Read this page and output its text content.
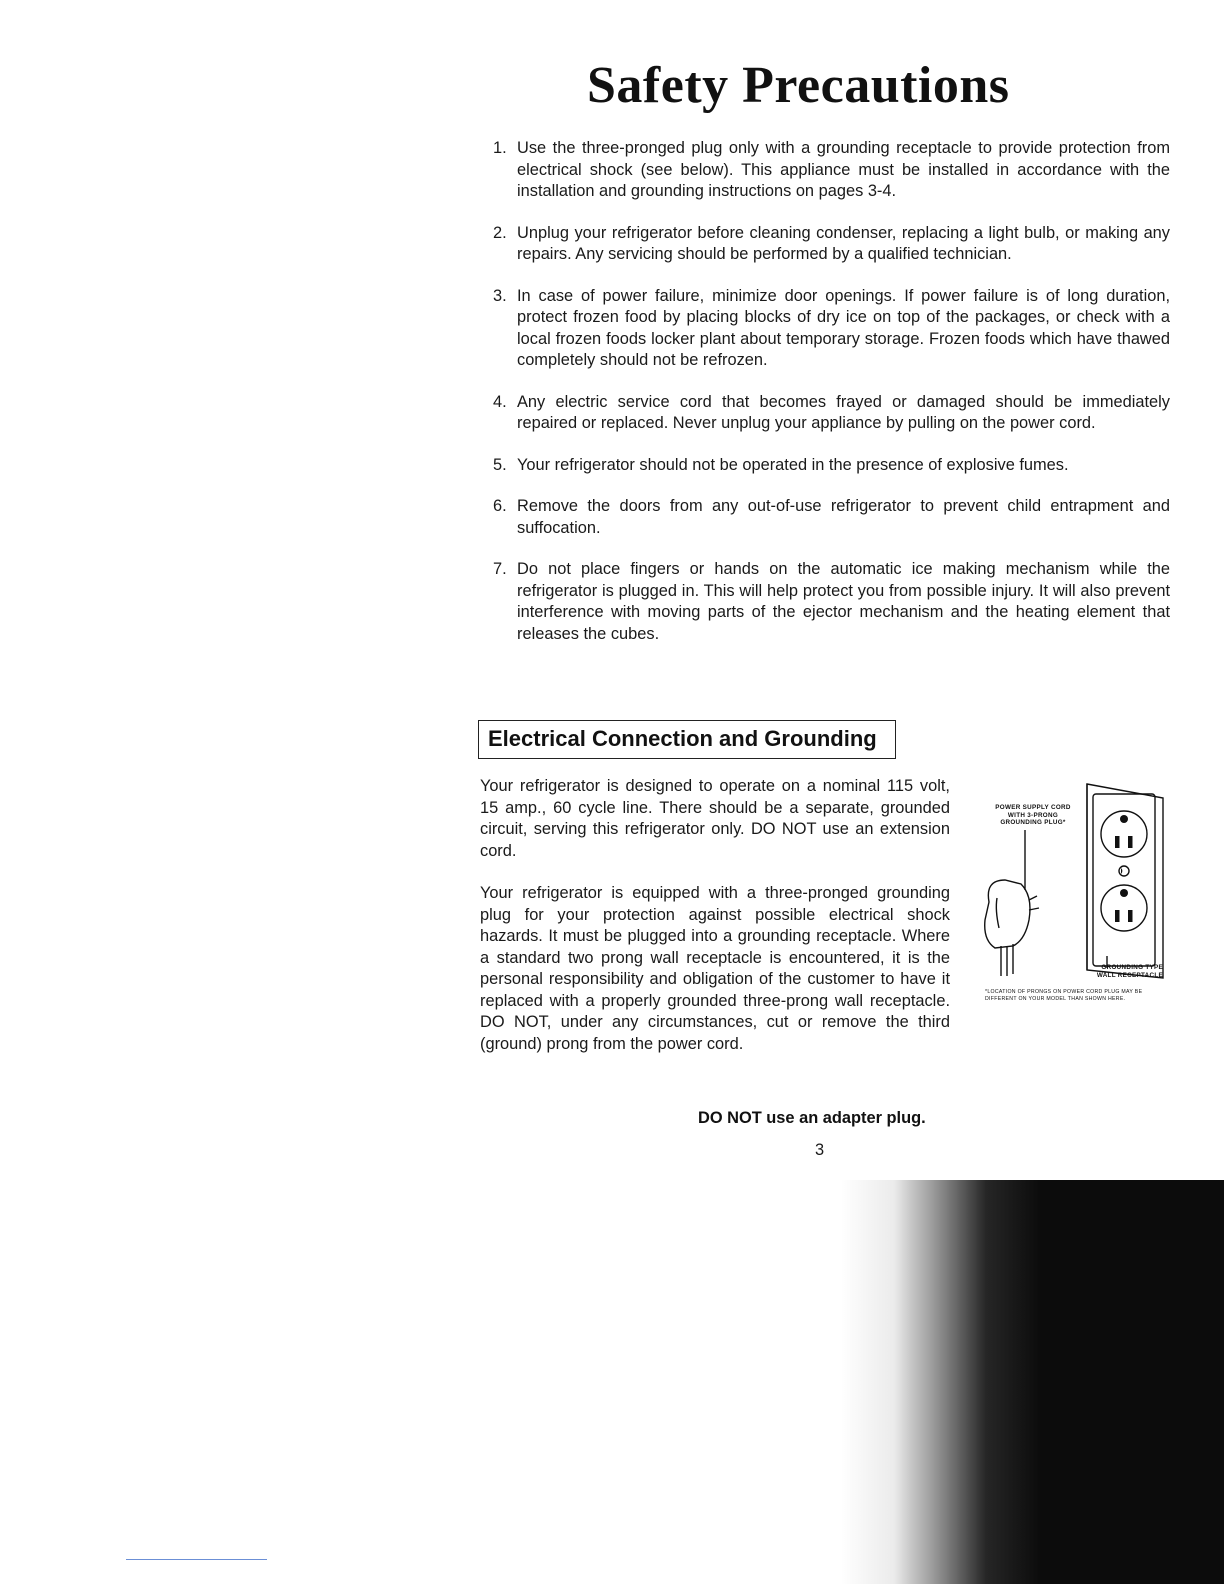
Safety Precautions
1. Use the three-pronged plug only with a grounding receptacle to provide protection from electrical shock (see below). This appliance must be installed in accordance with the installation and grounding instructions on pages 3-4.
2. Unplug your refrigerator before cleaning condenser, replacing a light bulb, or making any repairs. Any servicing should be performed by a qualified technician.
3. In case of power failure, minimize door openings. If power failure is of long duration, protect frozen food by placing blocks of dry ice on top of the packages, or check with a local frozen foods locker plant about temporary storage. Frozen foods which have thawed completely should not be refrozen.
4. Any electric service cord that becomes frayed or damaged should be immediately repaired or replaced. Never unplug your appliance by pulling on the power cord.
5. Your refrigerator should not be operated in the presence of explosive fumes.
6. Remove the doors from any out-of-use refrigerator to prevent child entrapment and suffocation.
7. Do not place fingers or hands on the automatic ice making mechanism while the refrigerator is plugged in. This will help protect you from possible injury. It will also prevent interference with moving parts of the ejector mechanism and the heating element that releases the cubes.
Electrical Connection and Grounding

Your refrigerator is designed to operate on a nominal 115 volt, 15 amp., 60 cycle line. There should be a separate, grounded circuit, serving this refrigerator only. DO NOT use an extension cord.

Your refrigerator is equipped with a three-pronged grounding plug for your protection against possible electrical shock hazards. It must be plugged into a grounding receptacle. Where a standard two prong wall receptacle is encountered, it is the personal responsibility and obligation of the customer to have it replaced with a properly grounded three-prong wall receptacle. DO NOT, under any circumstances, cut or remove the third (ground) prong from the power cord.

POWER SUPPLY CORD
WITH 3-PRONG
GROUNDING PLUG*
GROUNDING TYPE
WALL RECEPTACLE
*LOCATION OF PRONGS ON POWER CORD PLUG MAY BE DIFFERENT ON YOUR MODEL THAN SHOWN HERE.

DO NOT use an adapter plug.

3
